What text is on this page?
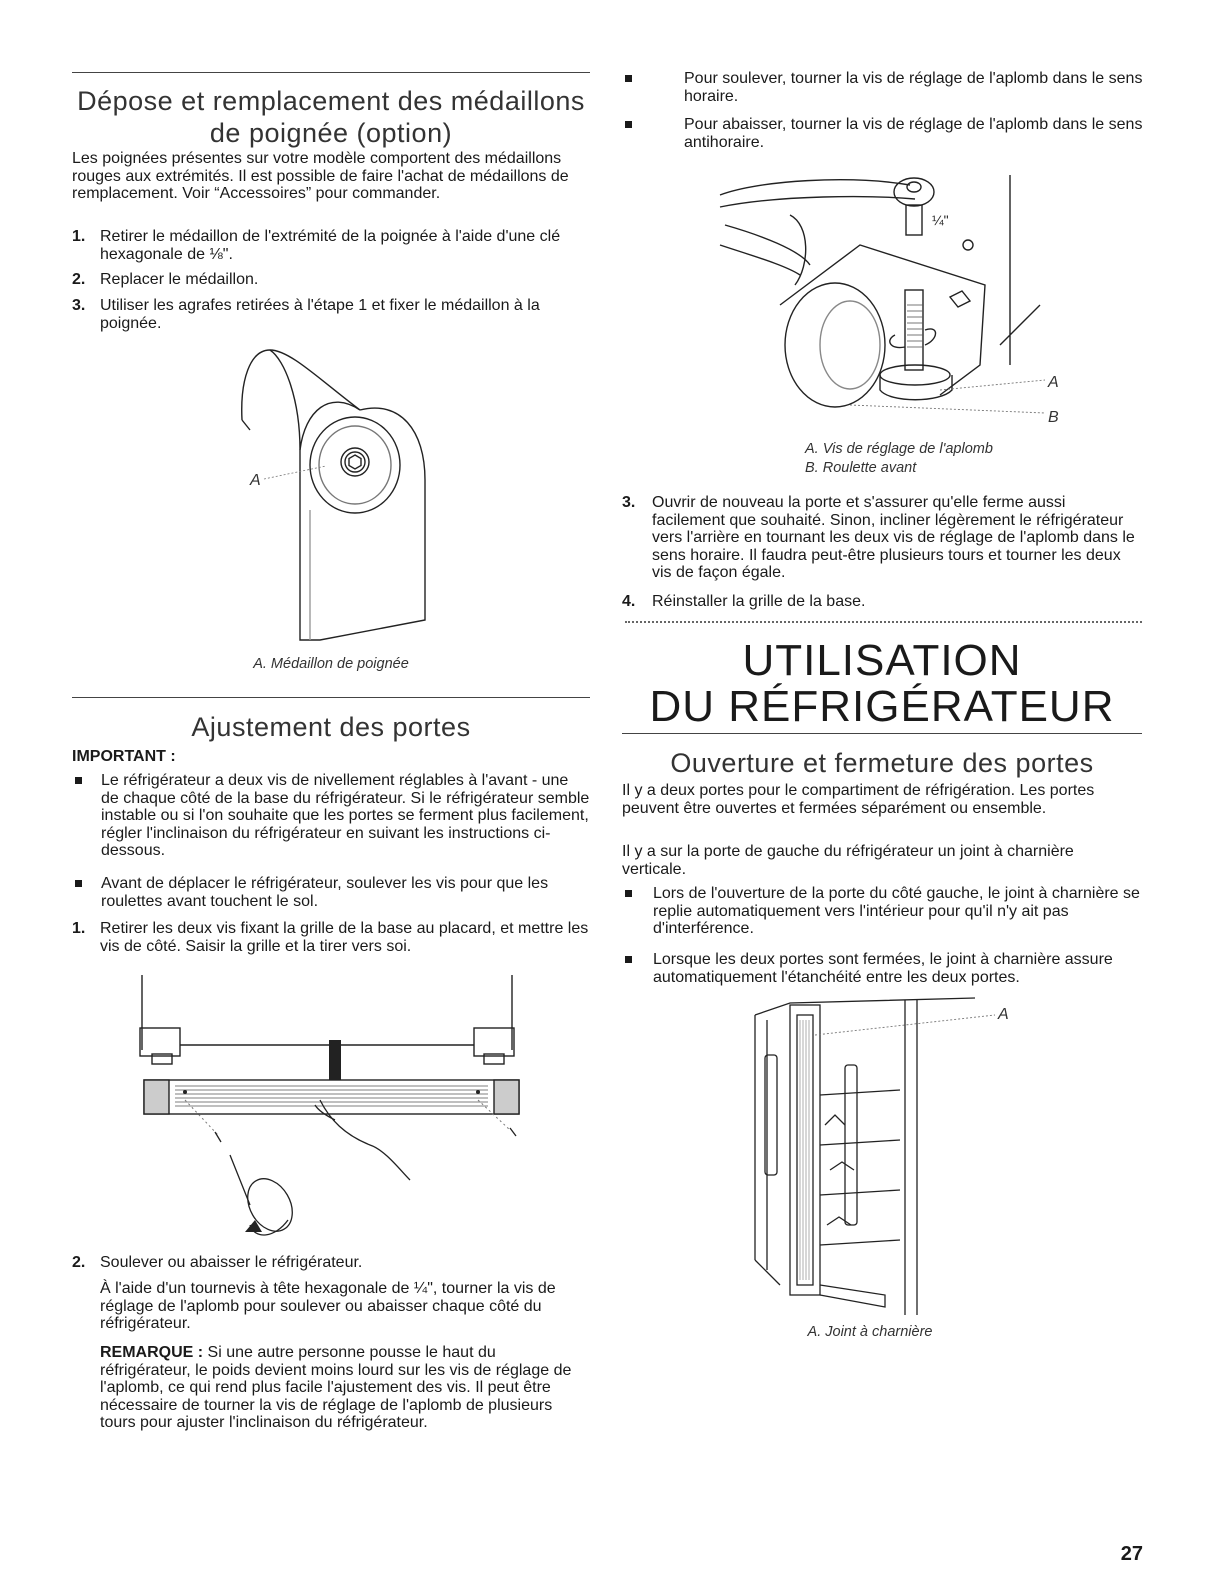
Dépose et remplacement des médaillons
de poignée (option)
Les poignées présentes sur votre modèle comportent des médaillons rouges aux extrémités. Il est possible de faire l'achat de médaillons de remplacement. Voir “Accessoires” pour commander.
1. Retirer le médaillon de l'extrémité de la poignée à l'aide d'une clé hexagonale de ⅛".
2. Replacer le médaillon.
3. Utiliser les agrafes retirées à l'étape 1 et fixer le médaillon à la poignée.
A
A. Médaillon de poignée
Ajustement des portes
IMPORTANT :
Le réfrigérateur a deux vis de nivellement réglables à l'avant - une de chaque côté de la base du réfrigérateur. Si le réfrigérateur semble instable ou si l'on souhaite que les portes se ferment plus facilement, régler l'inclinaison du réfrigérateur en suivant les instructions ci-dessous.
Avant de déplacer le réfrigérateur, soulever les vis pour que les roulettes avant touchent le sol.
1. Retirer les deux vis fixant la grille de la base au placard, et mettre les vis de côté. Saisir la grille et la tirer vers soi.
2. Soulever ou abaisser le réfrigérateur.
À l'aide d'un tournevis à tête hexagonale de ¼", tourner la vis de réglage de l'aplomb pour soulever ou abaisser chaque côté du réfrigérateur.
REMARQUE : Si une autre personne pousse le haut du réfrigérateur, le poids devient moins lourd sur les vis de réglage de l'aplomb, ce qui rend plus facile l'ajustement des vis. Il peut être nécessaire de tourner la vis de réglage de l'aplomb de plusieurs tours pour ajuster l'inclinaison du réfrigérateur.
Pour soulever, tourner la vis de réglage de l'aplomb dans le sens horaire.
Pour abaisser, tourner la vis de réglage de l'aplomb dans le sens antihoraire.
¼"
A
B
A. Vis de réglage de l'aplomb
B. Roulette avant
3. Ouvrir de nouveau la porte et s'assurer qu'elle ferme aussi facilement que souhaité. Sinon, incliner légèrement le réfrigérateur vers l'arrière en tournant les deux vis de réglage de l'aplomb dans le sens horaire. Il faudra peut-être plusieurs tours et tourner les deux vis de façon égale.
4. Réinstaller la grille de la base.
UTILISATION
DU RÉFRIGÉRATEUR
Ouverture et fermeture des portes
Il y a deux portes pour le compartiment de réfrigération. Les portes peuvent être ouvertes et fermées séparément ou ensemble.
Il y a sur la porte de gauche du réfrigérateur un joint à charnière verticale.
Lors de l'ouverture de la porte du côté gauche, le joint à charnière se replie automatiquement vers l'intérieur pour qu'il n'y ait pas d'interférence.
Lorsque les deux portes sont fermées, le joint à charnière assure automatiquement l'étanchéité entre les deux portes.
A
A. Joint à charnière
27
